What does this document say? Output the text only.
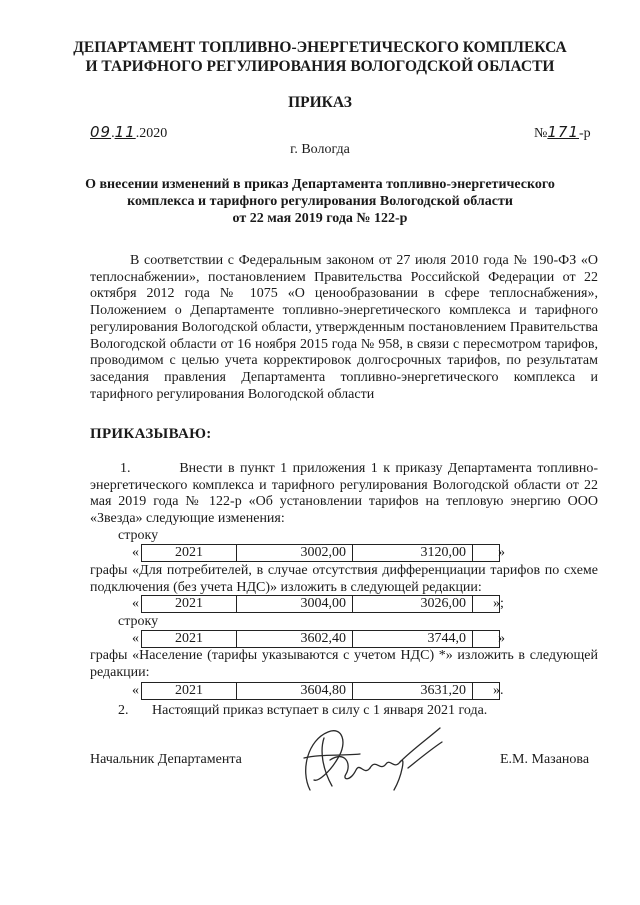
ДЕПАРТАМЕНТ ТОПЛИВНО-ЭНЕРГЕТИЧЕСКОГО КОМПЛЕКСА
И ТАРИФНОГО РЕГУЛИРОВАНИЯ ВОЛОГОДСКОЙ ОБЛАСТИ
ПРИКАЗ
09.11.2020	№171-р
г. Вологда
О внесении изменений в приказ Департамента топливно-энергетического
комплекса и тарифного регулирования Вологодской области
от 22 мая 2019 года № 122-р
В соответствии с Федеральным законом от 27 июля 2010 года № 190-ФЗ «О теплоснабжении», постановлением Правительства Российской Федерации от 22 октября 2012 года № 1075 «О ценообразовании в сфере теплоснабжения», Положением о Департаменте топливно-энергетического комплекса и тарифного регулирования Вологодской области, утвержденным постановлением Правительства Вологодской области от 16 ноября 2015 года № 958, в связи с пересмотром тарифов, проводимом с целью учета корректировок долгосрочных тарифов, по результатам заседания правления Департамента топливно-энергетического комплекса и тарифного регулирования Вологодской области
ПРИКАЗЫВАЮ:
1.         Внести в пункт 1 приложения 1 к приказу Департамента топливно-энергетического комплекса и тарифного регулирования Вологодской области от 22 мая 2019 года № 122-р «Об установлении тарифов на тепловую энергию ООО «Звезда» следующие изменения:
строку
«	2021	3002,00	3120,00	»
графы «Для потребителей, в случае отсутствия дифференциации тарифов по схеме подключения (без учета НДС)» изложить в следующей редакции:
«	2021	3004,00	3026,00	»;
строку
«	2021	3602,40	3744,0	»
графы «Население (тарифы указываются с учетом НДС) *» изложить в следующей редакции:
«	2021	3604,80	3631,20	».
2. Настоящий приказ вступает в силу с 1 января 2021 года.
Начальник Департамента	Е.М. Мазанова
